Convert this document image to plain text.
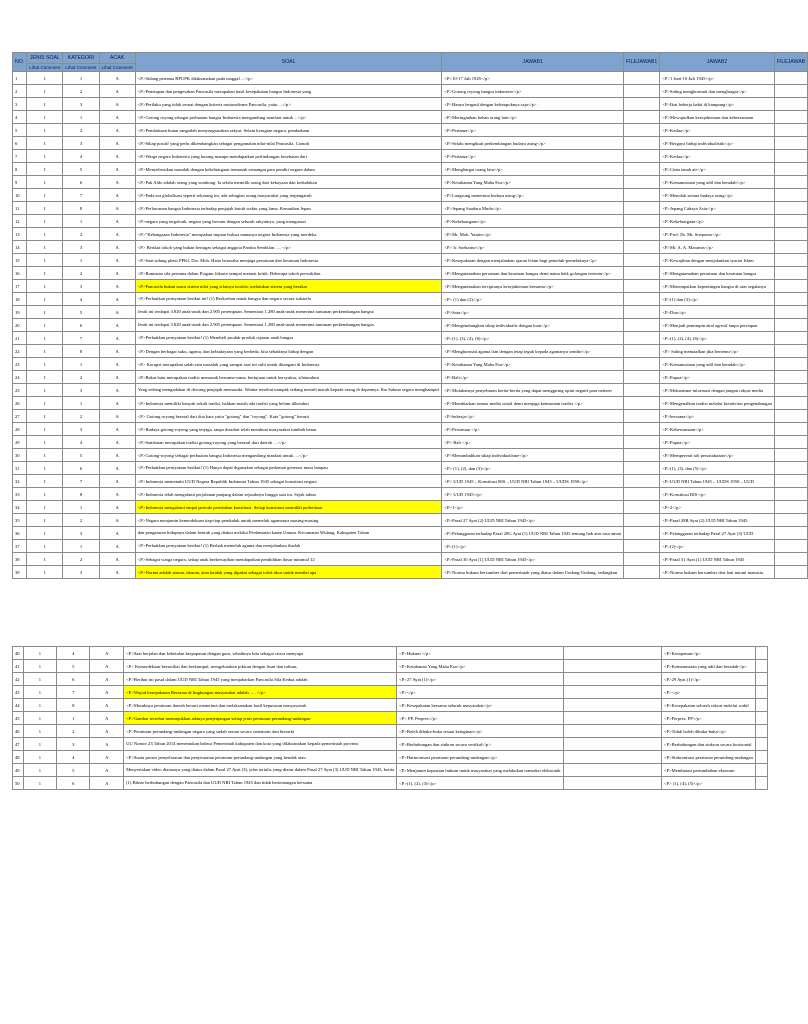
NO.	JENIS SOAL	KATEGORI	ACAK	SOAL	JAWAB1	FILEJAWAB1	JAWAB2	FILEJAWAB
	Lihat Comment	Lihat Comment	Lihat Comment					
1	1	1	A	<P>Sidang pertama BPUPK dilaksanakan pada tanggal ...</p>	<P>10-17 Juli 1945</p>		<P>1 Juni-10 Juli 1945</p>	
2	1	2	A	<P>Penetapan dan pengesahan Pancasila merupakan hasil kesepakatan bangsa Indonesia yang	<P>Gotong royong bangsa indonesia</p>		<P>Saling menghormati dan menghargai</p>	
3	1	3	A	<P>Perilaku yang tidak sesuai dengan kriteria nasionalisme Pancasila, yaitu ...</p>	<P>Hanya bergaul dengan kelompoknya saja</p>		<P>Ikut bekerja bakti di kampung</p>	
4	1	1	A	<P>Gotong royong sebagai perbuatan bangsa Indonesia mengandung manfaat untuk ...</p>	<P>Meringankan beban orang lain</p>		<P>Mewujudkan kesejahteraan dan kebersamaan	
5	1	2	A	<P>Pembukaan butan sangatlah menyengsarakan rakyat. Selain kerugian negara, pembukaan	<P>Pertama</p>		<P>Kedua</p>	
6	1	3	A	<P>Sikap positif yang perlu dikembangkan sebagai pengamalan nilai-nilai Pancasila. Contoh	<P>Selalu mengikuti perkembangan budaya asing</p>		<P>Bergaya hidup individualistik</p>	
7	1	4	A	<P>Warga negara Indonesia yang kurang mampu mendapatkan perlindungan kesehatan dari	<P>Pertama</p>		<P>Kedua</p>	
8	1	5	A	<P>Menyelesaikan masalah dengan kekeluargaan termasuk semangat para pendiri negara dalam	<P>Menghargai orang lain</p>		<P>Cinta tanah air</p>	
9	1	6	A	<P>Pak Aldo adalah orang yang sombong. Ia selalu memilih orang dari kekayaan dan kedudukan	<P>Ketuhanan Yang Maha Esa</p>		<P>Kemanusiaan yang adil dan beradab</p>	
10	1	7	A	<P>Pada era globalisasi seperti sekarang ini, ada sebagian orang masyarakat yang terpengaruh	<P>Langsung menerima budaya asing</p>		<P>Menolak semua budaya asing</p>	
11	1	8	A	<P>Perlawanan bangsa Indonesia terhadap penjajah butuh waktu yang lama. Kemudian Jepan	<P>Jepang Saudara Muda</p>		<P>Jepang Cahaya Asia</p>	
12	1	1	A	<P>negara yang tergolonk, negara yang bersatu dengan seluruh rakyatnya, yang menguasai	<P>Kekeluargaan</p>		<P>Kekeluargaan</p>	
13	1	2	A	<P>"Kebangsaan Indonesia" merupakan impian bulosa namanya negara Indonesia yang merdeka	<P>Mr. Moh. Yamin</p>		<P>Prof. Dr. Mr. Soepomo</p>	
14	1	3	A	<P> Berikut tokoh yang bukan bertugas sebagai anggota Panitia Sembilan ..... </p>	<P> Ir. Soekarno</p>		<P>Mr. A. A. Maramis</p>	
15	1	1	A	<P>Saat sidang pleno PPKI, Drs. Moh. Hatta berusaha menjaga persatuan dan kesatuan Indonesia	<P>Kesepakatan dengan menjalankan ajaran Islam bagi pemeluk-pemeluknya</p>		<P>Kewajiban dengan menjalankan syariat Islam	
16	1	2	A	<P>Rumusan sila pertama dalam Piagam Jakarta sempat menuai kritik. Beberapa tokoh perwakilan	<P>Mengutamakan persatuan dan kesatuan bangsa demi nama baik golongan tertentu</p>		<P>Mengutamakan persatuan dan kesatuan bangsa	
17	1	3	A	<P>Pancasila bukan suatu sistem nilai yang sifatnya teoritis, melainkan sistem yang berakar	<P>Mengutamakan terciptanya kesejahteraan bersama</p>		<P>Menempatkan kepentingan bangsa di atas segalanya	
18	1	4	A	<P>Perhatikan pernyataan berikut ini! (1) Berkorban untuk bangsa dan negara secara sukarela	<P> (1) dan (2)</p>		<P>(1) dan (3)</p>	
19	1	5	A	Jerak ini terdapat 3.820 anak-anak dan 2.905 perempuan. Sementara 1.280 anak-anak menerima tuntunan perkembangan bangsa	<P>Satu</p>		<P>Dua</p>	
20	1	6	A	Jerak ini terdapat 3.820 anak-anak dan 2.905 perempuan. Sementara 1.280 anak-anak menerima tuntunan perkembangan bangsa	<P>Mengembangkan sikap individualis dengan kuat</p>		<P>Menjadi pemimpin akal agresif tanpa persiapan	
21	1	7	A	<P>Perhatikan pernyataan berikut! (1) Membeli produk-produk ciptaan anak bangsa	<P>(1), (3), (4), (6)</p>		<P>(1), (2), (4), (6)</p>	
22	1	8	A	<P>Dengan berbagai suku, agama, dan kebudayaan yang berbeda, kita sebaiknya hidup dengan	<P>Menghormati agama lain dengan tetap teguh kepada agamanya sendiri</p>		<P> Saling memaafkan jika bertemu</p>	
23	1	1	A	<P> Korupsi merupakan salah satu masalah yang sampai saat ini sulit untuk ditangani di Indonesia	<P>Ketuhanan Yang Maha Esa</p>		<P>Kemanusiaan yang adil dan beradab</p>	
24	1	2	A	<P>Bakar batu merupakan tradisi memasak bersama-sama, bertujuan untuk bersyukur, silaturahmi	<P>Bali</p>		<P>Papua</p>	
25	1	3	A	Yang sedang mengadakan di dewang penjajah memasuki. Wanita tersebut nampak sedang meraih marah kepada orang di depannya. Ibu Sukma segera menghampiri	<P>Mufakatnya penyebaran berita-berita yang dapat menggiring opini negatif para netizen		<P>Mekanisme informasi dengan jangan rakyat media	
26	1	1	A	<P>Indonesia memiliki banyak sekali tradisi, bahkan masih ada tradisi yang belum diketahui	<P>Membiarkan semua media sosial demi menjaga kemurnian tradisi </p>		<P>Mengenalkan tradisi melalui kreativitas pengembangan	
27	1	2	A	<P> Gotong royong berasal dari dua kata yaitu "gotong" dan "royong". Kata "gotong" berarti	<P>bekerja</p>		<P>bersama</p>	
28	1	3	A	<P>Budaya gotong-royong yang terjaga, tanpa disadari telah membuat masyarakat tumbuh benar	<P>Persatuan </p>		<P>Kebersamaan</p>	
29	1	4	A	<P>Sambatan merupakan tradisi gotong-royong yang berasal dari daerah ....</p>	<P> Bali </p>		<P>Papua</p>	
30	1	5	A	<P>Gotong-royong sebagai perbuatan bangsa Indonesia mengandung manfaat untuk ....</p>	<P>Menumbuhkan sikap individualisme</p>		<P>Mempererat tali persaudaraan</p>	
31	1	6	A	<P>Perhatikan pernyataan berikut! (1) Hanya dapat digunakan sebagai pedoman generasi masa lampau	<P> (1), (2), dan (3)</p>		<P>(1), (3), dan (5)</p>	
32	1	7	A	<P>Indonesia memenuhi UUD Negara Republik Indonesia Tahun 1945 sebagai konstitusi negara	<P> UUD 1945 – Konstitusi RIS – UUD NRI Tahun 1945 – UUDS 1950</p>		<P>UUD NRI Tahun 1945 – UUDS 1950 – UUD	
33	1	8	A	<P>Indonesia telah mengalami perjalanan panjang dalam sejarahnya hingga saat ini. Sejak tahun	<P> UUD 1945</p>		<P>Konstitusi RIS</p>	
34	1	1	A	<P>Indonesia mengalami empat periode perubahan konstitusi. Setiap konstitusi memiliki perbedaan	<P>1</p>		<P>2</p>	
35	1	2	A	<P>Negara menjamin kemerdekaan tiap-tiap penduduk untuk memeluk agamanya masing-masing	<P>Pasal 27 Ayat (2) UUD NRI Tahun 1945</p>		<P>Pasal 28B Ayat (2) UUD NRI Tahun 1945	
36	1	3	A	dan pengaturan hidupnya dalam bentuk yang diakui melalui Perdamaian kaum Umum. Kecamatan Widang, Kabupaten Tuban	<P>Pelanggaran terhadap Pasal 28G Ayat (1) UUD NRI Tahun 1945 tentang hak atas rasa aman		<P>Pelanggaran terhadap Pasal 27 Ayat (3) UUD	
37	1	1	A	<P>Perhatikan pernyataan berikut! (1) Berhak memeluk agama dan menjalankan ibadah	<P>(1)</p>		<P>(2)</p>	
38	1	2	A	<P>Sebagai warga negara, setiap anak berkewajiban mendapatkan pendidikan dasar minimal 12	<P>Pasal 30 Ayat (1) UUD NRI Tahun 1945</p>		<P>Pasal 31 Ayat (1) UUD NRI Tahun 1945	
39	1	3	A	<P>Norma adalah aturan, ukuran, atau kaidah yang dipakai sebagai tolok ukur untuk menilai apa	<P>Norma hukum bersumber dari pemerintah yang diatur dalam Undang-Undang, sedangkan		<P>Norma hukum bersumber dari hati nurani manusia	
40	1	4	A	<P>Saat berjalan dan kebetulan berpapasan dengan guru, sebaiknya kita sebagai siswa menyapa	<P>Hukum </p>		<P>Kesopanan</p>	
41	1	5	A	<P> Kemerdekaan berserikat dan berkumpul, mengeluarkan pikiran dengan lisan dan tulisan,	<P>Ketuhanan Yang Maha Esa</p>		<P>Kemanusiaan yang adil dan beradab</p>	
42	1	6	A	<P>Berikut ini pasal dalam UUD NRI Tahun 1945 yang menjabarkan Pancasila Sila Kedua adalah	<P>27 Ayat (1)</p>		<P>29 Ayat (1)</p>	
43	1	7	A	<P>Wujud kesepakatan Bersama di lingkungan masyarakat adalah ..... </p>	<P></p>		<P></p>	
44	1	8	A	<P>Masuknya peraturan daerah berarti menerima dan melaksanakan hasil keputusan musyawarah	<P>Kesepakatan bersama seluruh masyarakat</p>		<P>Kesepakatan seluruh rakyat melalui wakil	
45	1	1	A	<P>Gambar tersebut menunjukkan adanya penjenjangan setiap jenis peraturan perundang-undangan	<P> PP, Perpres</p>		<P>Perpres, PP</p>	
46	1	2	A	<P>Peraturan perundang-undangan negara yang sudah sesuai secara sistematis dan hierarki	<P>Boleh dibuka-buka sesuai keinginan</p>		<P>Tidak boleh dibuka-buka</p>	
47	1	3	A	UU Nomor 23 Tahun 2014 menentukan bahwa Pemerintah kabupaten dan kota yang dilaksanakan kepada pemerintah provinsi	<P>Berhubungan dan sinkron secara vertikal</p>		<P>Berhubungan dan sinkron secara horizontal	
48	1	4	A	<P>Suatu proses penyelarasan dan penyesuaian peraturan perundang-undangan yang hendak atau	<P>Harmonisasi peraturan perundang-undangan</p>		<P>Sinkronisasi peraturan perundang-undangan	
49	1	5	A	Menyertakan video diatasnya yang diatur dalam Pasal 27 Ayat (3), jelas tertulis yang diatur dalam Pasal 27 Ayat (3) UUD NRI Tahun 1945, berita	<P>Menjamin kepastian hukum untuk masyarakat yang melakukan transaksi elektronik		<P>Membatasi pertumbuhan ekonomi	
50	1	6	A	(1) Bilnar berhubungan dengan Pancasila dan UUD NRI Tahun 1945 dan tidak bertentangan bersama	<P>(1), (2), (3)</p>		<P> (1), (4), (5)</p>	
